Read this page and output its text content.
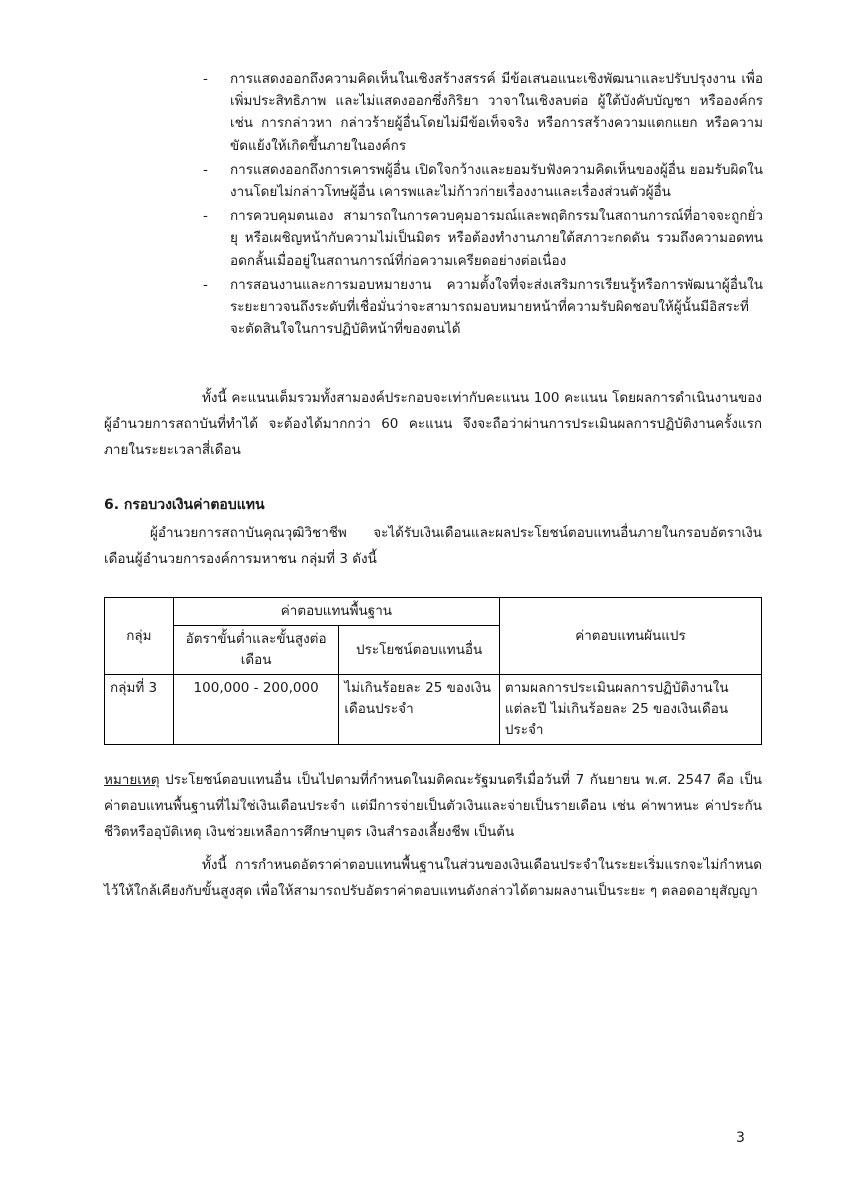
- การแสดงออกถึงความคิดเห็นในเชิงสร้างสรรค์ มีข้อเสนอแนะเชิงพัฒนาและปรับปรุงงาน เพื่อเพิ่มประสิทธิภาพ และไม่แสดงออกซึ่งกิริยา วาจาในเชิงลบต่อ ผู้ใต้บังคับบัญชา หรือองค์กร เช่น การกล่าวหา กล่าวร้ายผู้อื่นโดยไม่มีข้อเท็จจริง หรือการสร้างความแตกแยก หรือความขัดแย้งให้เกิดขึ้นภายในองค์กร
- การแสดงออกถึงการเคารพผู้อื่น เปิดใจกว้างและยอมรับฟังความคิดเห็นของผู้อื่น ยอมรับผิดในงานโดยไม่กล่าวโทษผู้อื่น เคารพและไม่ก้าวก่ายเรื่องงานและเรื่องส่วนตัวผู้อื่น
- การควบคุมตนเอง สามารถในการควบคุมอารมณ์และพฤติกรรมในสถานการณ์ที่อาจจะถูกยั่วยุ หรือเผชิญหน้ากับความไม่เป็นมิตร หรือต้องทำงานภายใต้สภาวะกดดัน รวมถึงความอดทนอดกลั้นเมื่ออยู่ในสถานการณ์ที่ก่อความเครียดอย่างต่อเนื่อง
- การสอนงานและการมอบหมายงาน ความตั้งใจที่จะส่งเสริมการเรียนรู้หรือการพัฒนาผู้อื่นในระยะยาวจนถึงระดับที่เชื่อมั่นว่าจะสามารถมอบหมายหน้าที่ความรับผิดชอบให้ผู้นั้นมีอิสระที่จะตัดสินใจในการปฏิบัติหน้าที่ของตนได้
ทั้งนี้ คะแนนเต็มรวมทั้งสามองค์ประกอบจะเท่ากับคะแนน 100 คะแนน โดยผลการดำเนินงานของผู้อำนวยการสถาบันที่ทำได้ จะต้องได้มากกว่า 60 คะแนน จึงจะถือว่าผ่านการประเมินผลการปฏิบัติงานครั้งแรกภายในระยะเวลาสี่เดือน
6. กรอบวงเงินค่าตอบแทน
ผู้อำนวยการสถาบันคุณวุฒิวิชาชีพ จะได้รับเงินเดือนและผลประโยชน์ตอบแทนอื่นภายในกรอบอัตราเงินเดือนผู้อำนวยการองค์การมหาชน กลุ่มที่ 3 ดังนี้
กลุ่ม	ค่าตอบแทนพื้นฐาน		ค่าตอบแทนผันแปร
	อัตราขั้นต่ำและขั้นสูงต่อเดือน	ประโยชน์ตอบแทนอื่น	
กลุ่มที่ 3	100,000 - 200,000	ไม่เกินร้อยละ 25 ของเงินเดือนประจำ	ตามผลการประเมินผลการปฏิบัติงานในแต่ละปี ไม่เกินร้อยละ 25 ของเงินเดือนประจำ
หมายเหตุ ประโยชน์ตอบแทนอื่น เป็นไปตามที่กำหนดในมติคณะรัฐมนตรีเมื่อวันที่ 7 กันยายน พ.ศ. 2547 คือ เป็นค่าตอบแทนพื้นฐานที่ไม่ใช่เงินเดือนประจำ แต่มีการจ่ายเป็นตัวเงินและจ่ายเป็นรายเดือน เช่น ค่าพาหนะ ค่าประกันชีวิตหรืออุบัติเหตุ เงินช่วยเหลือการศึกษาบุตร เงินสำรองเลี้ยงชีพ เป็นต้น
ทั้งนี้ การกำหนดอัตราค่าตอบแทนพื้นฐานในส่วนของเงินเดือนประจำในระยะเริ่มแรกจะไม่กำหนดไว้ให้ใกล้เคียงกับขั้นสูงสุด เพื่อให้สามารถปรับอัตราค่าตอบแทนดังกล่าวได้ตามผลงานเป็นระยะ ๆ ตลอดอายุสัญญา
3
